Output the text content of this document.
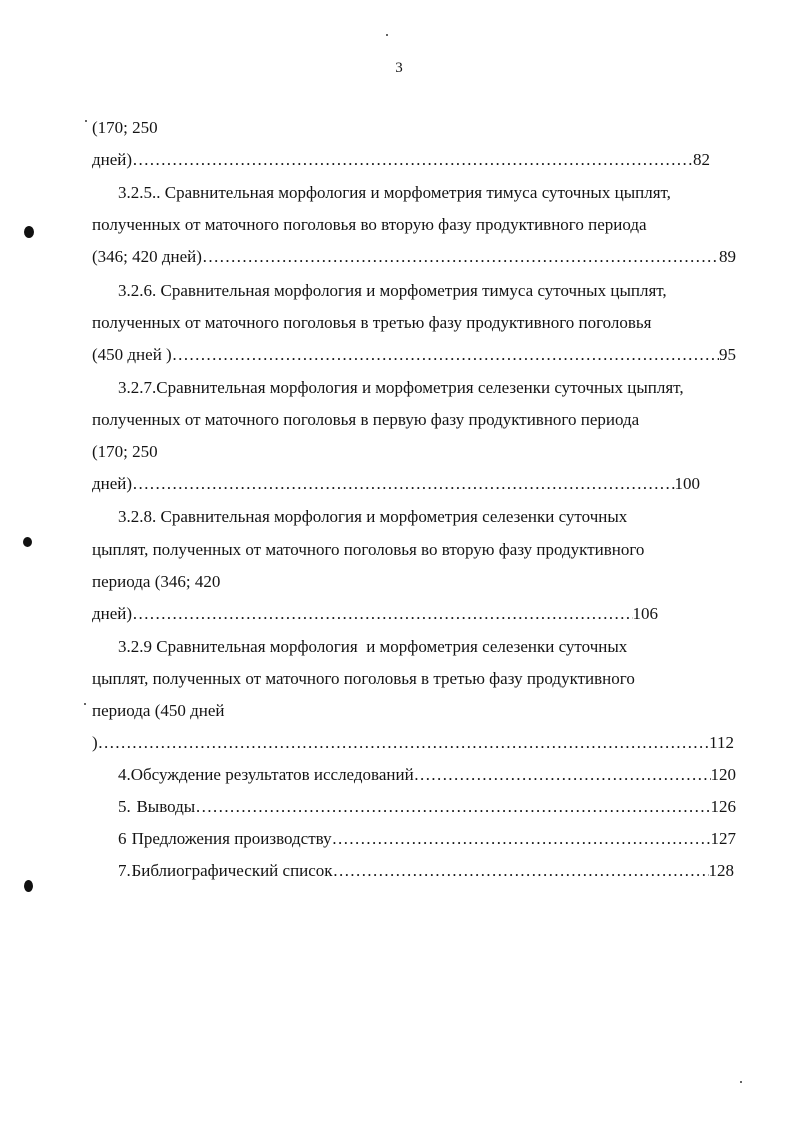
3
(170; 250
дней) …………………………………………………………………………………………………………………………	82
3.2.5.. Сравнительная морфология и морфометрия тимуса суточных цыплят,
полученных от маточного поголовья во вторую фазу продуктивного периода
(346; 420 дней) …………………………………………………………………………………………………………………………	89
3.2.6. Сравнительная морфология и морфометрия тимуса суточных цыплят,
полученных от маточного поголовья в третью фазу продуктивного поголовья
(450 дней ) …………………………………………………………………………………………………………………………	95
3.2.7.Сравнительная морфология и морфометрия селезенки суточных цыплят,
полученных от маточного поголовья в первую фазу продуктивного периода
(170; 250
дней) …………………………………………………………………………………………………………………………	100
3.2.8. Сравнительная морфология и морфометрия селезенки суточных
цыплят, полученных от маточного поголовья во вторую фазу продуктивного
периода (346; 420
дней) …………………………………………………………………………………………………………………………	106
3.2.9 Сравнительная морфология  и морфометрия селезенки суточных
цыплят, полученных от маточного поголовья в третью фазу продуктивного
периода (450 дней
) …………………………………………………………………………………………………………………………	112
4. Обсуждение результатов исследований …………………………………………………………………………………………………………………………	120
5. Выводы …………………………………………………………………………………………………………………………	126
6 Предложения производству …………………………………………………………………………………………………………………………	127
7. Библиографический список …………………………………………………………………………………………………………………………	128
